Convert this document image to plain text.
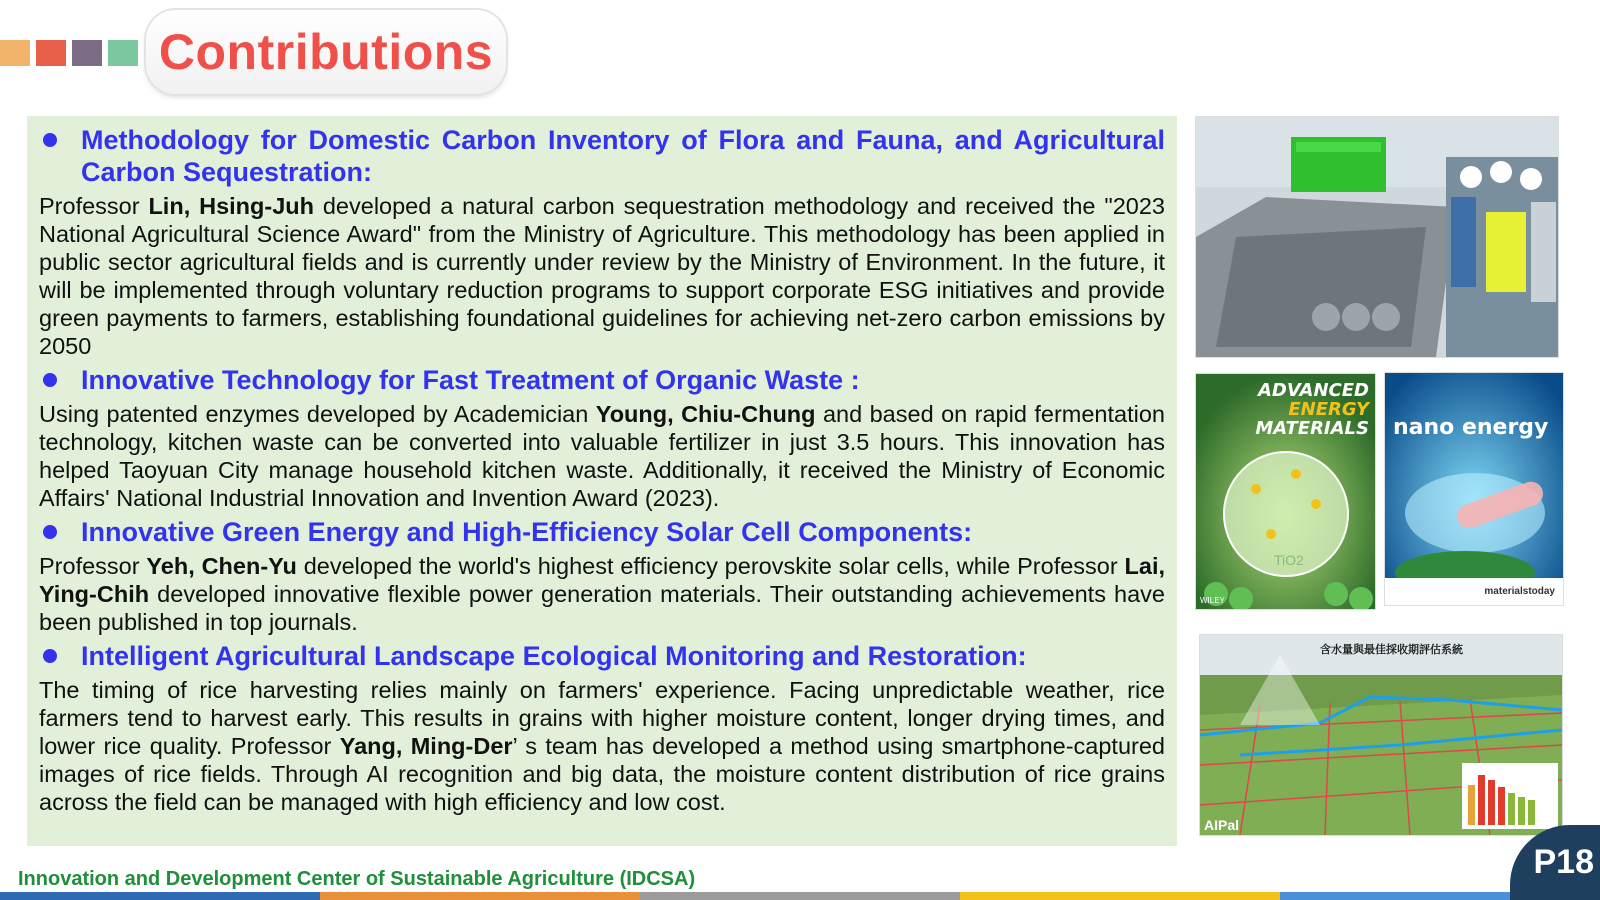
Contributions
Methodology for Domestic Carbon Inventory of Flora and Fauna, and Agricultural Carbon Sequestration:

Professor Lin, Hsing-Juh developed a natural carbon sequestration methodology and received the "2023 National Agricultural Science Award" from the Ministry of Agriculture. This methodology has been applied in public sector agricultural fields and is currently under review by the Ministry of Environment. In the future, it will be implemented through voluntary reduction programs to support corporate ESG initiatives and provide green payments to farmers, establishing foundational guidelines for achieving net-zero carbon emissions by 2050

Innovative Technology for Fast Treatment of Organic Waste :

Using patented enzymes developed by Academician Young, Chiu-Chung and based on rapid fermentation technology, kitchen waste can be converted into valuable fertilizer in just 3.5 hours. This innovation has helped Taoyuan City manage household kitchen waste. Additionally, it received the Ministry of Economic Affairs' National Industrial Innovation and Invention Award (2023).

Innovative Green Energy and High-Efficiency Solar Cell Components:

Professor Yeh, Chen-Yu developed the world's highest efficiency perovskite solar cells, while Professor Lai, Ying-Chih developed innovative flexible power generation materials. Their outstanding achievements have been published in top journals.

Intelligent Agricultural Landscape Ecological Monitoring and Restoration:

The timing of rice harvesting relies mainly on farmers' experience. Facing unpredictable weather, rice farmers tend to harvest early. This results in grains with higher moisture content, longer drying times, and lower rice quality. Professor Yang, Ming-Der’ s team has developed a method using smartphone-captured images of rice fields. Through AI recognition and big data, the moisture content distribution of rice grains across the field can be managed with high efficiency and low cost.

ADVANCED
ENERGY
MATERIALS
TiO2
WILEY
nano energy
materialstoday
含水量與最佳採收期評估系統
AIPal
Innovation and Development Center of Sustainable Agriculture (IDCSA)	P18
